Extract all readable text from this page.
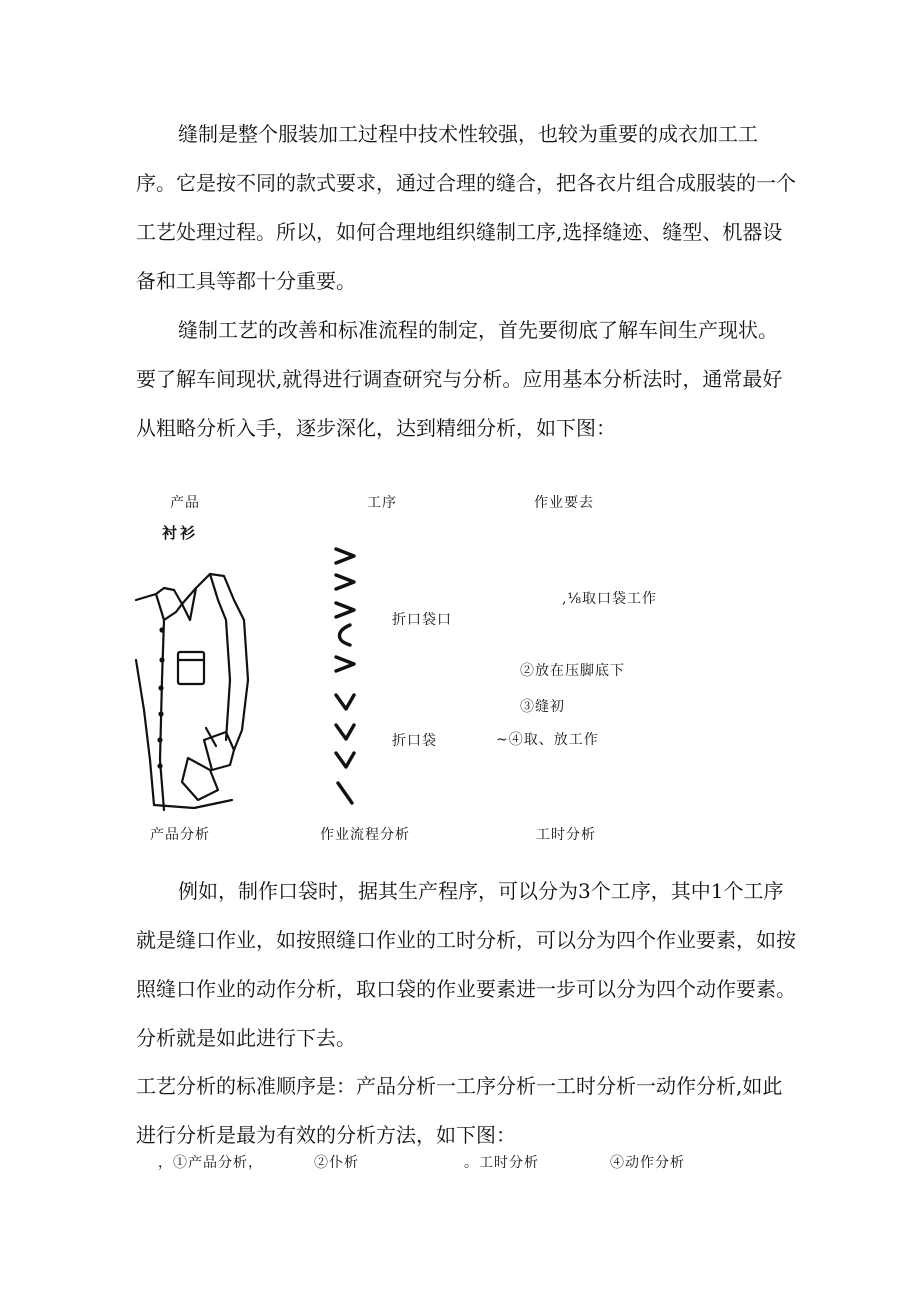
缝制是整个服装加工过程中技术性较强，也较为重要的成衣加工工序。它是按不同的款式要求，通过合理的缝合，把各衣片组合成服装的一个工艺处理过程。所以，如何合理地组织缝制工序,选择缝迹、缝型、机器设备和工具等都十分重要。

缝制工艺的改善和标准流程的制定，首先要彻底了解车间生产现状。要了解车间现状,就得进行调查研究与分析。应用基本分析法时，通常最好从粗略分析入手，逐步深化，达到精细分析，如下图：

产品	工序	作业要去
衬衫
折口袋口
折口袋
,⅛取口袋工作
②放在压脚底下
③缝初
~④取、放工作
产品分析	作业流程分析	工时分析

例如，制作口袋时，据其生产程序，可以分为3个工序，其中1个工序就是缝口作业，如按照缝口作业的工时分析，可以分为四个作业要素，如按照缝口作业的动作分析，取口袋的作业要素进一步可以分为四个动作要素。分析就是如此进行下去。

工艺分析的标准顺序是：产品分析一工序分析一工时分析一动作分析,如此进行分析是最为有效的分析方法，如下图：

，①产品分析，	②仆析	。工时分析	④动作分析
